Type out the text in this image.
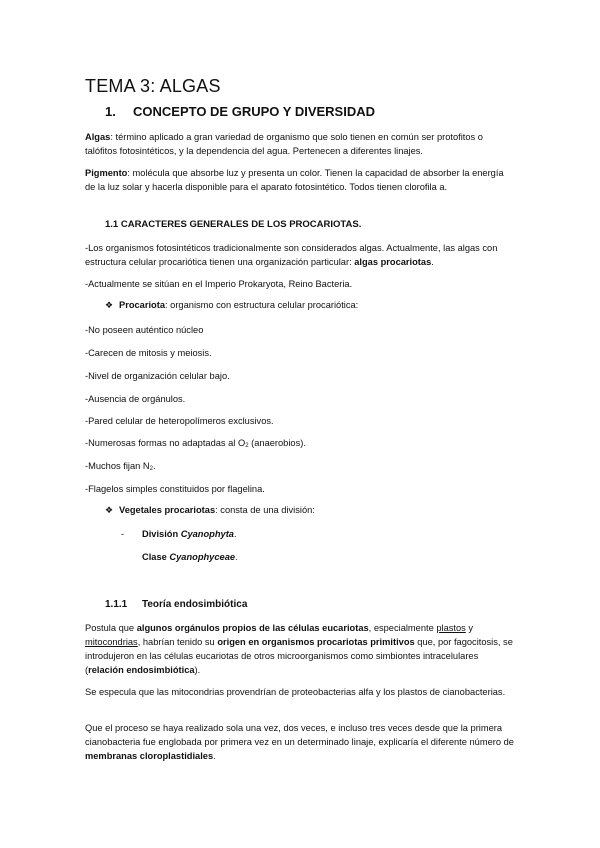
TEMA 3: ALGAS
1. CONCEPTO DE GRUPO Y DIVERSIDAD

Algas: término aplicado a gran variedad de organismo que solo tienen en común ser protofitos o talófitos fotosintéticos, y la dependencia del agua. Pertenecen a diferentes linajes.

Pigmento: molécula que absorbe luz y presenta un color. Tienen la capacidad de absorber la energía de la luz solar y hacerla disponible para el aparato fotosintético. Todos tienen clorofila a.

1.1 CARACTERES GENERALES DE LOS PROCARIOTAS.

-Los organismos fotosintéticos tradicionalmente son considerados algas. Actualmente, las algas con estructura celular procariótica tienen una organización particular: algas procariotas.

-Actualmente se sitúan en el Imperio Prokaryota, Reino Bacteria.

❖ Procariota: organismo con estructura celular procariótica:

-No poseen auténtico núcleo

-Carecen de mitosis y meiosis.

-Nivel de organización celular bajo.

-Ausencia de orgánulos.

-Pared celular de heteropolímeros exclusivos.

-Numerosas formas no adaptadas al $O_2$ (anaerobios).

-Muchos fijan $N_2$.

-Flagelos simples constituidos por flagelina.

❖ Vegetales procariotas: consta de una división:
- División Cyanophyta.
Clase Cyanophyceae.
1.1.1 Teoría endosimbiótica

Postula que algunos orgánulos propios de las células eucariotas, especialmente plastos y mitocondrias, habrían tenido su origen en organismos procariotas primitivos que, por fagocitosis, se introdujeron en las células eucariotas de otros microorganismos como simbiontes intracelulares (relación endosimbiótica).

Se especula que las mitocondrias provendrían de proteobacterias alfa y los plastos de cianobacterias.

Que el proceso se haya realizado sola una vez, dos veces, e incluso tres veces desde que la primera cianobacteria fue englobada por primera vez en un determinado linaje, explicaría el diferente número de membranas cloroplastidiales.
